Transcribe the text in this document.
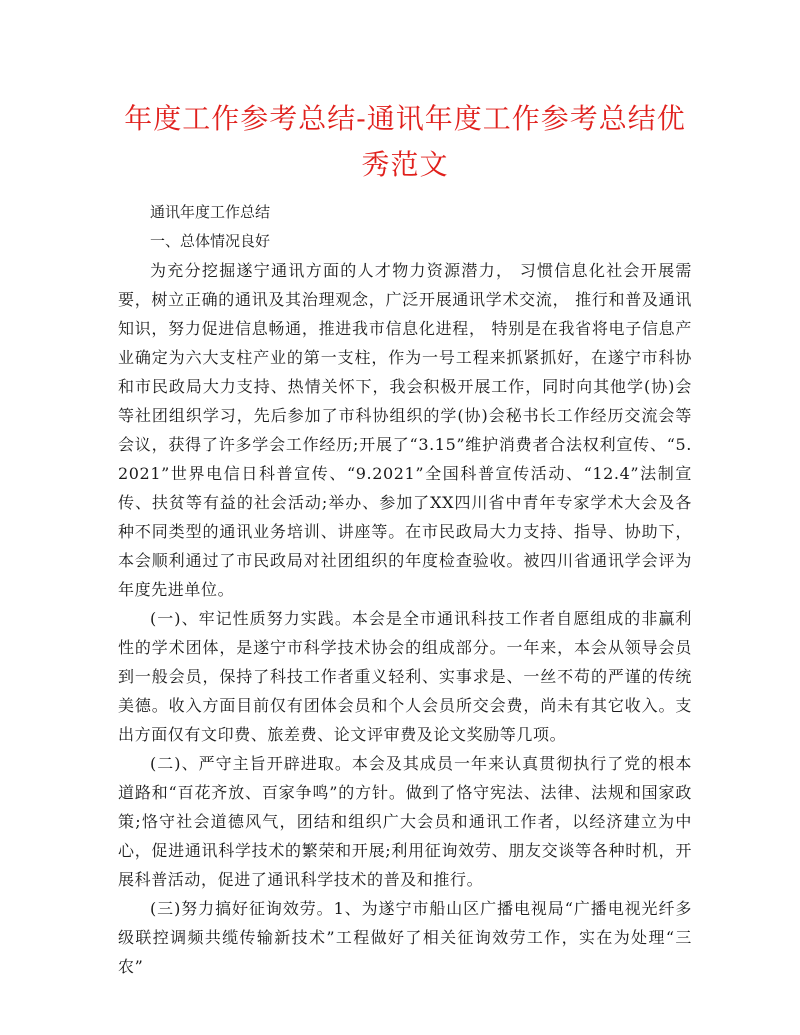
年度工作参考总结-通讯年度工作参考总结优秀范文

通讯年度工作总结

一、总体情况良好

为充分挖掘遂宁通讯方面的人才物力资源潜力， 习惯信息化社会开展需要，树立正确的通讯及其治理观念，广泛开展通讯学术交流， 推行和普及通讯知识，努力促进信息畅通，推进我市信息化进程， 特别是在我省将电子信息产业确定为六大支柱产业的第一支柱，作为一号工程来抓紧抓好，在遂宁市科协和市民政局大力支持、热情关怀下，我会积极开展工作，同时向其他学(协)会等社团组织学习，先后参加了市科协组织的学(协)会秘书长工作经历交流会等会议，获得了许多学会工作经历;开展了“3.15”维护消费者合法权利宣传、“5.2021”世界电信日科普宣传、“9.2021”全国科普宣传活动、“12.4”法制宣传、扶贫等有益的社会活动;举办、参加了XX四川省中青年专家学术大会及各种不同类型的通讯业务培训、讲座等。在市民政局大力支持、指导、协助下，本会顺利通过了市民政局对社团组织的年度检查验收。被四川省通讯学会评为年度先进单位。

(一)、牢记性质努力实践。本会是全市通讯科技工作者自愿组成的非赢利性的学术团体，是遂宁市科学技术协会的组成部分。一年来，本会从领导会员到一般会员，保持了科技工作者重义轻利、实事求是、一丝不苟的严谨的传统美德。收入方面目前仅有团体会员和个人会员所交会费，尚未有其它收入。支出方面仅有文印费、旅差费、论文评审费及论文奖励等几项。

(二)、严守主旨开辟进取。本会及其成员一年来认真贯彻执行了党的根本道路和“百花齐放、百家争鸣”的方针。做到了恪守宪法、法律、法规和国家政策;恪守社会道德风气，团结和组织广大会员和通讯工作者，以经济建立为中心，促进通讯科学技术的繁荣和开展;利用征询效劳、朋友交谈等各种时机，开展科普活动，促进了通讯科学技术的普及和推行。

(三)努力搞好征询效劳。1、为遂宁市船山区广播电视局“广播电视光纤多级联控调频共缆传输新技术”工程做好了相关征询效劳工作，实在为处理“三农”
